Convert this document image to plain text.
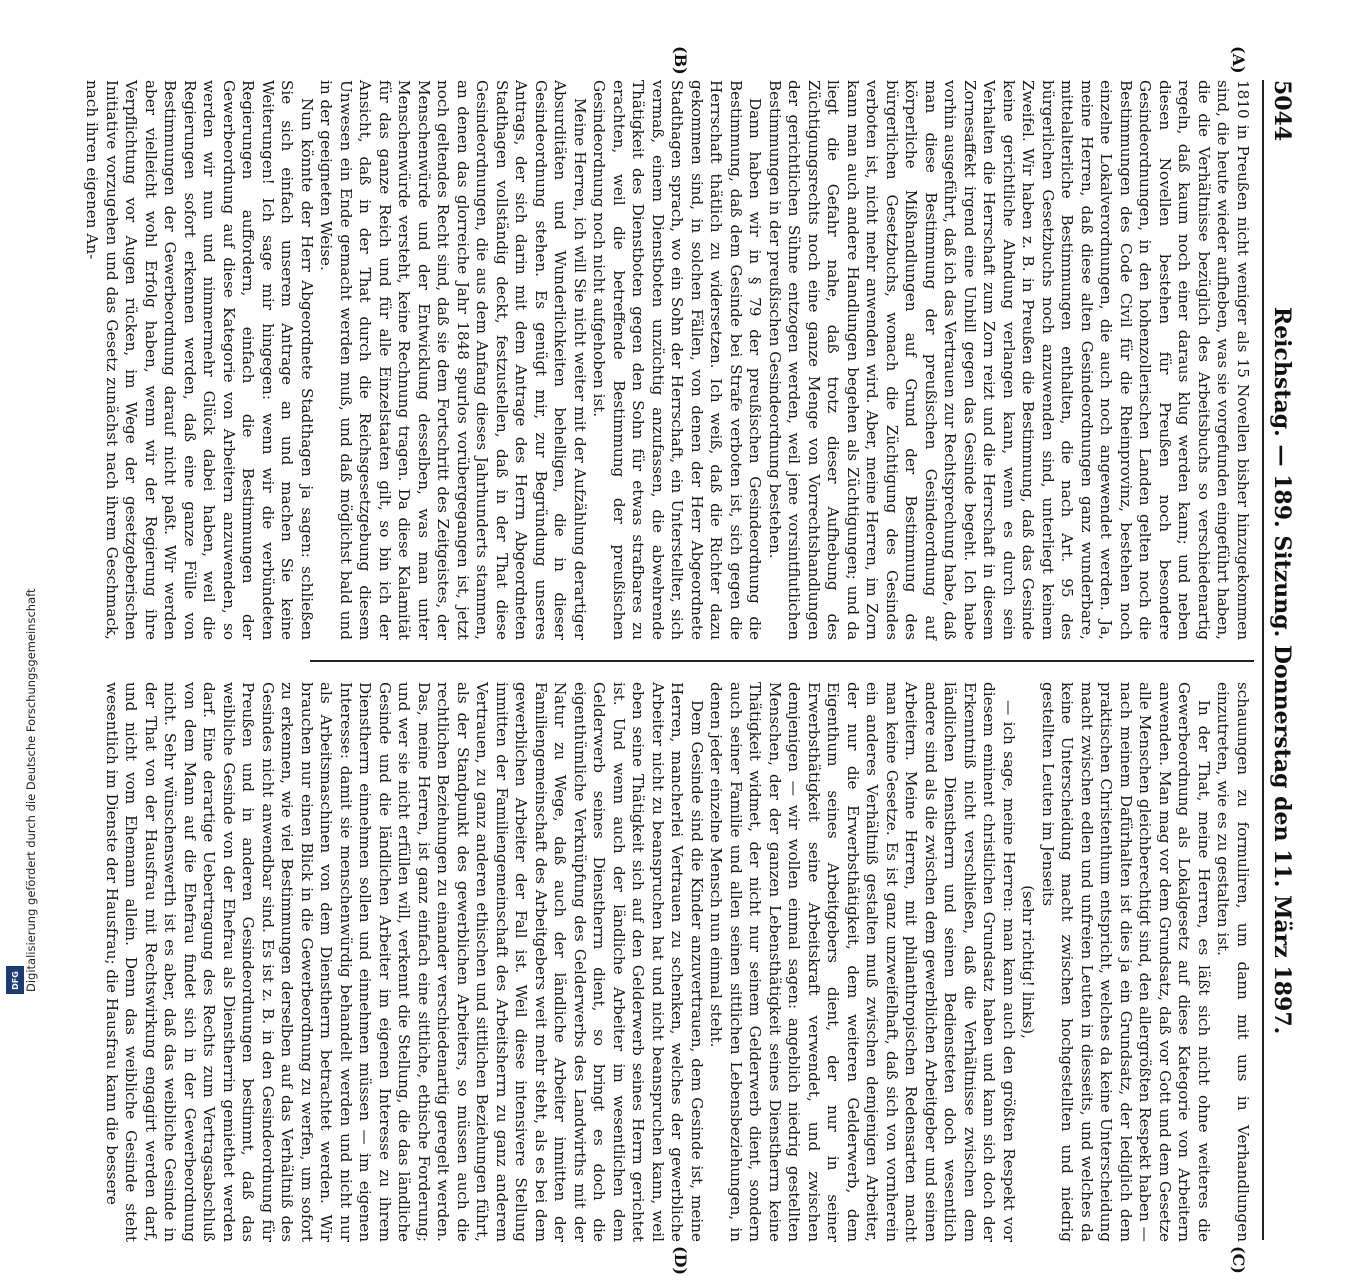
5044
Reichstag. — 189. Sitzung. Donnerstag den 11. März 1897.
(A)
(B)
(C)
(D)

1810 in Preußen nicht weniger als 15 Novellen bisher hinzugekommen sind, die heute wieder aufheben, was sie vorgefunden eingeführt haben, die die Verhältnisse bezüglich des Arbeitsbuchs so verschiedenartig regeln, daß kaum noch einer daraus klug werden kann; und neben diesen Novellen bestehen für Preußen noch besondere Gesindeordnungen, in den hohenzollerischen Landen gelten noch die Bestimmungen des Code Civil für die Rheinprovinz, bestehen noch einzelne Lokalverordnungen, die auch noch angewendet werden. Ja, meine Herren, daß diese alten Gesindeordnungen ganz wunderbare, mittelalterliche Bestimmungen enthalten, die nach Art. 95 des bürgerlichen Gesetzbuchs noch anzuwenden sind, unterliegt keinem Zweifel. Wir haben z. B. in Preußen die Bestimmung, daß das Gesinde keine gerichtliche Ahndung verlangen kann, wenn es durch sein Verhalten die Herrschaft zum Zorn reizt und die Herrschaft in diesem Zornesaffekt irgend eine Unbill gegen das Gesinde begeht. Ich habe vorhin ausgeführt, daß ich das Vertrauen zur Rechtsprechung habe, daß man diese Bestimmung der preußischen Gesindeordnung auf körperliche Mißhandlungen auf Grund der Bestimmung des bürgerlichen Gesetzbuchs, wonach die Züchtigung des Gesindes verboten ist, nicht mehr anwenden wird. Aber, meine Herren, im Zorn kann man auch andere Handlungen begehen als Züchtigungen; und da liegt die Gefahr nahe, daß trotz dieser Aufhebung des Züchtigungsrechts noch eine ganze Menge von Vorrechtshandlungen der gerichtlichen Sühne entzogen werden, weil jene vorsintflutlichen Bestimmungen in der preußischen Gesindeordnung bestehen.

Dann haben wir in § 79 der preußischen Gesindeordnung die Bestimmung, daß dem Gesinde bei Strafe verboten ist, sich gegen die Herrschaft thätlich zu widersetzen. Ich weiß, daß die Richter dazu gekommen sind, in solchen Fällen, von denen der Herr Abgeordnete Stadthagen sprach, wo ein Sohn der Herrschaft, ein Unterstellter, sich vermaß, einem Dienstboten unzüchtig anzufassen, die abwehrende Thätigkeit des Dienstboten gegen den Sohn für etwas strafbares zu erachten, weil die betreffende Bestimmung der preußischen Gesindeordnung noch nicht aufgehoben ist.

Meine Herren, ich will Sie nicht weiter mit der Aufzählung derartiger Absurditäten und Wunderlichkeiten behelligen, die in dieser Gesindeordnung stehen. Es genügt mir, zur Begründung unseres Antrags, der sich darin mit dem Antrage des Herrn Abgeordneten Stadthagen vollständig deckt, festzustellen, daß in der That diese Gesindeordnungen, die aus dem Anfang dieses Jahrhunderts stammen, an denen das glorreiche Jahr 1848 spurlos vorübergegangen ist, jetzt noch geltendes Recht sind, daß sie dem Fortschritt des Zeitgeistes, der Menschenwürde und der Entwicklung desselben, was man unter Menschenwürde versteht, keine Rechnung tragen. Da diese Kalamität für das ganze Reich und für alle Einzelstaaten gilt, so bin ich der Ansicht, daß in der That durch die Reichsgesetzgebung diesem Unwesen ein Ende gemacht werden muß, und daß möglichst bald und in der geeigneten Weise.

Nun könnte der Herr Abgeordnete Stadthagen ja sagen: schließen Sie sich einfach unserem Antrage an und machen Sie keine Weiterungen! Ich sage mir hingegen: wenn wir die verbündeten Regierungen auffordern, einfach die Bestimmungen der Gewerbeordnung auf diese Kategorie von Arbeitern anzuwenden, so werden wir nun und nimmermehr Glück dabei haben, weil die Regierungen sofort erkennen werden, daß eine ganze Fülle von Bestimmungen der Gewerbeordnung darauf nicht paßt. Wir werden aber vielleicht wohl Erfolg haben, wenn wir der Regierung ihre Verpflichtung vor Augen rücken, im Wege der gesetzgeberischen Initiative vorzugehen und das Gesetz zunächst nach ihrem Geschmack, nach ihren eigenen An-

schauungen zu formuliren, um dann mit uns in Verhandlungen einzutreten, wie es zu gestalten ist.

In der That, meine Herren, es läßt sich nicht ohne weiteres die Gewerbeordnung als Lokalgesetz auf diese Kategorie von Arbeitern anwenden. Man mag vor dem Grundsatz, daß vor Gott und dem Gesetze alle Menschen gleichberechtigt sind, den allergrößten Respekt haben — nach meinem Dafürhalten ist dies ja ein Grundsatz, der lediglich dem praktischen Christenthum entspricht, welches da keine Unterscheidung macht zwischen edlen und unfreien Leuten in diesseits, und welches da keine Unterscheidung macht zwischen hochgestellten und niedrig gestellten Leuten im Jenseits

(sehr richtig! links),

— ich sage, meine Herren: man kann auch den größten Respekt vor diesem eminent christlichen Grundsatz haben und kann sich doch der Erkenntniß nicht verschließen, daß die Verhältnisse zwischen dem ländlichen Dienstherrn und seinen Bediensteten doch wesentlich andere sind als die zwischen dem gewerblichen Arbeitgeber und seinen Arbeitern. Meine Herren, mit philanthropischen Redensarten macht man keine Gesetze. Es ist ganz unzweifelhaft, daß sich von vornherein ein anderes Verhältniß gestalten muß zwischen demjenigen Arbeiter, der nur die Erwerbsthätigkeit, dem weiteren Gelderwerb, dem Eigenthum seines Arbeitgebers dient, der nur in seiner Erwerbsthätigkeit seine Arbeitskraft verwendet, und zwischen demjenigen — wir wollen einmal sagen: angeblich niedrig gestellten Menschen, der der ganzen Lebensthätigkeit seines Dienstherrn keine Thätigkeit widmet, der nicht nur seinem Gelderwerb dient, sondern auch seiner Familie und allen seinen sittlichen Lebensbeziehungen, in denen jeder einzelne Mensch nun einmal steht.

Dem Gesinde sind die Kinder anzuvertrauen, dem Gesinde ist, meine Herren, mancherlei Vertrauen zu schenken, welches der gewerbliche Arbeiter nicht zu beanspruchen hat und nicht beanspruchen kann, weil eben seine Thätigkeit sich auf den Gelderwerb seines Herrn gerichtet ist. Und wenn auch der ländliche Arbeiter im wesentlichen dem Gelderwerb seines Dienstherrn dient, so bringt es doch die eigenthümliche Verknüpfung des Gelderwerbs des Landwirths mit der Natur zu Wege, daß auch der ländliche Arbeiter inmitten der Familiengemeinschaft des Arbeitgebers weit mehr steht, als es bei dem gewerblichen Arbeiter der Fall ist. Weil diese intensivere Stellung inmitten der Familiengemeinschaft des Arbeitsherrn zu ganz anderem Vertrauen, zu ganz anderen ethischen und sittlichen Beziehungen führt, als der Standpunkt des gewerblichen Arbeiters, so müssen auch die rechtlichen Beziehungen zu einander verschiedenartig geregelt werden. Das, meine Herren, ist ganz einfach eine sittliche, ethische Forderung; und wer sie nicht erfüllen will, verkennt die Stellung, die das ländliche Gesinde und die ländlichen Arbeiter im eigenen Interesse zu ihrem Dienstherrn einnehmen sollen und einnehmen müssen — im eigenen Interesse: damit sie menschenwürdig behandelt werden und nicht nur als Arbeitsmaschinen von dem Dienstherrn betrachtet werden. Wir brauchen nur einen Blick in die Gewerbeordnung zu werfen, um sofort zu erkennen, wie viel Bestimmungen derselben auf das Verhältniß des Gesindes nicht anwendbar sind. Es ist z. B. in den Gesindeordnung für Preußen und in anderen Gesindeordnungen bestimmt, daß das weibliche Gesinde von der Ehefrau als Dienstherrin gemiethet werden darf. Eine derartige Uebertragung des Rechts zum Vertragsabschluß von dem Mann auf die Ehefrau findet sich in der Gewerbeordnung nicht. Sehr wünschenswerth ist es aber, daß das weibliche Gesinde in der That von der Hausfrau mit Rechtswirkung engagirt werden darf, und nicht vom Ehemann allein. Denn das weibliche Gesinde steht wesentlich im Dienste der Hausfrau; die Hausfrau kann die bessere

Digitalisierung gefördert durch die Deutsche Forschungsgemeinschaft
DFG
